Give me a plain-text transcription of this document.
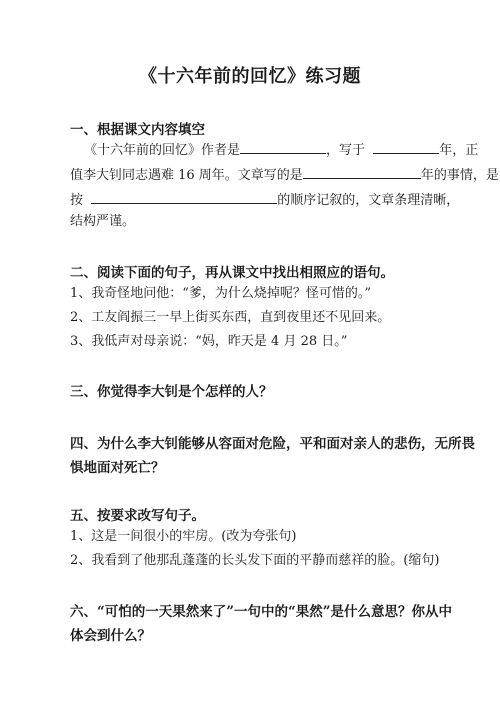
《十六年前的回忆》练习题
一、根据课文内容填空
《十六年前的回忆》作者是	，写于	年，正
值李大钊同志遇难 16 周年。文章写的是	年的事情，是
按	的顺序记叙的，文章条理清晰，
结构严谨。
二、阅读下面的句子，再从课文中找出相照应的语句。
1、我奇怪地问他：“爹，为什么烧掉呢？怪可惜的。”
2、工友阎振三一早上街买东西，直到夜里还不见回来。
3、我低声对母亲说：“妈，昨天是 4 月 28 日。”
三、你觉得李大钊是个怎样的人？
四、为什么李大钊能够从容面对危险，平和面对亲人的悲伤，无所畏
惧地面对死亡？
五、按要求改写句子。
1、这是一间很小的牢房。(改为夸张句)
2、我看到了他那乱蓬蓬的长头发下面的平静而慈祥的脸。(缩句)
六、“可怕的一天果然来了”一句中的“果然”是什么意思？你从中
体会到什么？
